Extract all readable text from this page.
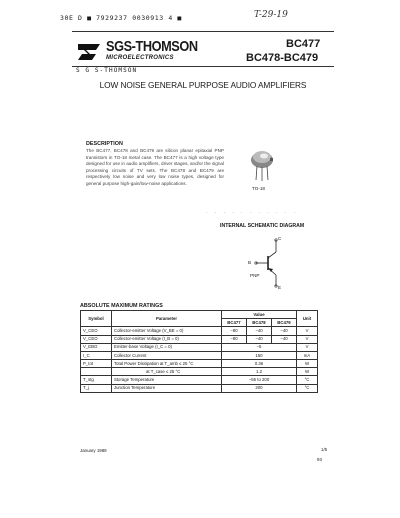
30E D ■ 7929237 0030913 4 ■	T-29-19
SGS-THOMSON
MICROELECTRONICS
BC477
BC478-BC479
S G S-THOMSON
LOW NOISE GENERAL PURPOSE AUDIO AMPLIFIERS
DESCRIPTION
The BC477, BC478 and BC479 are silicon planar epitaxial PNP transistors in TO-18 metal case. The BC477 is a high voltage type designed for use in audio amplifiers, driver stages, and/or the signal processing circuits of TV sets. The BC478 and BC479 are respectively low noise and very low noise types, designed for general purpose high-gain/low-noise applications.
TO-18
· · · · · · · · · · ·
INTERNAL SCHEMATIC DIAGRAM
B
C
E
PNP
ABSOLUTE MAXIMUM RATINGS
Symbol	Parameter	Value			Unit
		BC477	BC478	BC479	
V_CEO	Collector-emitter Voltage (V_BE = 0)	−80	−40	−40	V
V_CEO	Collector-emitter Voltage (I_B = 0)	−80	−40	−40	V
V_EBO	Emitter-base Voltage (I_C = 0)	−5			V
I_C	Collector Current	150			mA
P_tot	Total Power Dissipation at T_amb ≤ 25 °C	0.36			W
	at T_case ≤ 25 °C	1.2			W
T_stg	Storage Temperature	−55 to 200			°C
T_j	Junction Temperature	200			°C
January 1989	1/5
93
